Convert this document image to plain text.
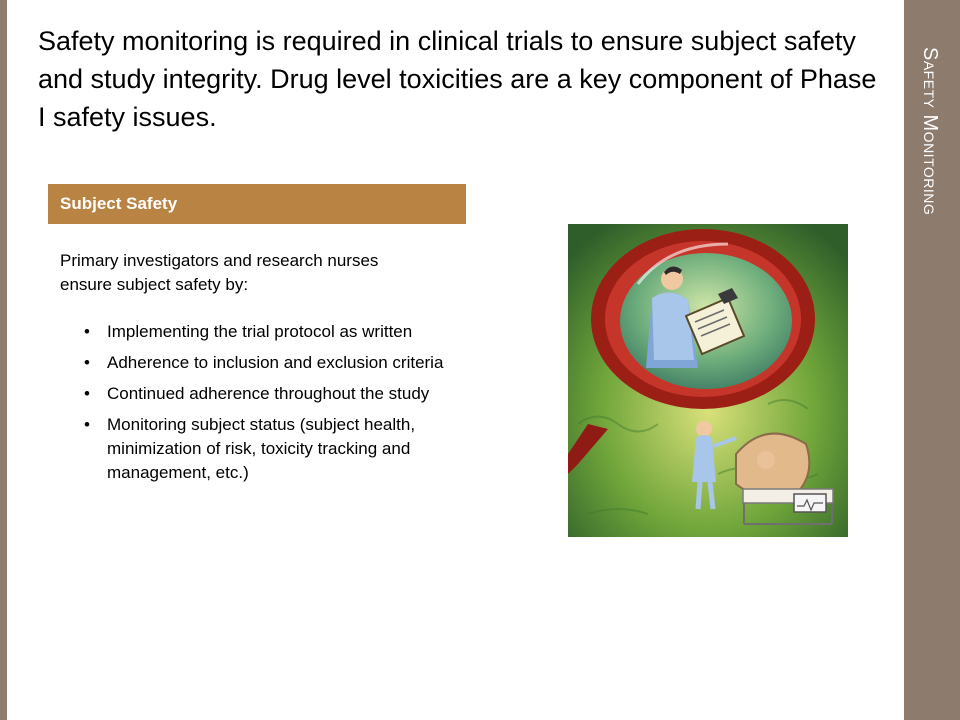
Safety Monitoring

Safety monitoring is required in clinical trials to ensure subject safety and study integrity. Drug level toxicities are a key component of Phase I safety issues.

Subject Safety

Primary investigators and research nurses ensure subject safety by:

• Implementing the trial protocol as written
• Adherence to inclusion and exclusion criteria
• Continued adherence throughout the study
• Monitoring subject status (subject health, minimization of risk, toxicity tracking and management, etc.)
